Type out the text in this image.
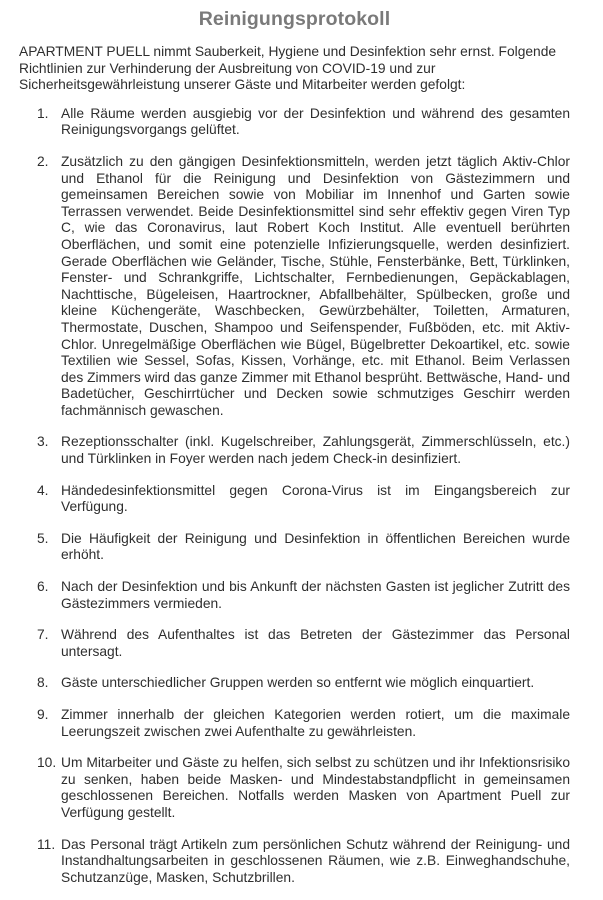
Reinigungsprotokoll

APARTMENT PUELL nimmt Sauberkeit, Hygiene und Desinfektion sehr ernst. Folgende Richtlinien zur Verhinderung der Ausbreitung von COVID-19 und zur Sicherheitsgewährleistung unserer Gäste und Mitarbeiter werden gefolgt:

1. Alle Räume werden ausgiebig vor der Desinfektion und während des gesamten Reinigungsvorgangs gelüftet.
2. Zusätzlich zu den gängigen Desinfektionsmitteln, werden jetzt täglich Aktiv-Chlor und Ethanol für die Reinigung und Desinfektion von Gästezimmern und gemeinsamen Bereichen sowie von Mobiliar im Innenhof und Garten sowie Terrassen verwendet. Beide Desinfektionsmittel sind sehr effektiv gegen Viren Typ C, wie das Coronavirus, laut Robert Koch Institut. Alle eventuell berührten Oberflächen, und somit eine potenzielle Infizierungsquelle, werden desinfiziert. Gerade Oberflächen wie Geländer, Tische, Stühle, Fensterbänke, Bett, Türklinken, Fenster- und Schrankgriffe, Lichtschalter, Fernbedienungen, Gepäckablagen, Nachttische, Bügeleisen, Haartrockner, Abfallbehälter, Spülbecken, große und kleine Küchengeräte, Waschbecken, Gewürzbehälter, Toiletten, Armaturen, Thermostate, Duschen, Shampoo und Seifenspender, Fußböden, etc. mit Aktiv-Chlor. Unregelmäßige Oberflächen wie Bügel, Bügelbretter Dekoartikel, etc. sowie Textilien wie Sessel, Sofas, Kissen, Vorhänge, etc. mit Ethanol. Beim Verlassen des Zimmers wird das ganze Zimmer mit Ethanol besprüht. Bettwäsche, Hand- und Badetücher, Geschirrtücher und Decken sowie schmutziges Geschirr werden fachmännisch gewaschen.
3. Rezeptionsschalter (inkl. Kugelschreiber, Zahlungsgerät, Zimmerschlüsseln, etc.) und Türklinken in Foyer werden nach jedem Check-in desinfiziert.
4. Händedesinfektionsmittel gegen Corona-Virus ist im Eingangsbereich zur Verfügung.
5. Die Häufigkeit der Reinigung und Desinfektion in öffentlichen Bereichen wurde erhöht.
6. Nach der Desinfektion und bis Ankunft der nächsten Gasten ist jeglicher Zutritt des Gästezimmers vermieden.
7. Während des Aufenthaltes ist das Betreten der Gästezimmer das Personal untersagt.
8. Gäste unterschiedlicher Gruppen werden so entfernt wie möglich einquartiert.
9. Zimmer innerhalb der gleichen Kategorien werden rotiert, um die maximale Leerungszeit zwischen zwei Aufenthalte zu gewährleisten.
10. Um Mitarbeiter und Gäste zu helfen, sich selbst zu schützen und ihr Infektionsrisiko zu senken, haben beide Masken- und Mindestabstandpflicht in gemeinsamen geschlossenen Bereichen. Notfalls werden Masken von Apartment Puell zur Verfügung gestellt.
11. Das Personal trägt Artikeln zum persönlichen Schutz während der Reinigung- und Instandhaltungsarbeiten in geschlossenen Räumen, wie z.B. Einweghandschuhe, Schutzanzüge, Masken, Schutzbrillen.
